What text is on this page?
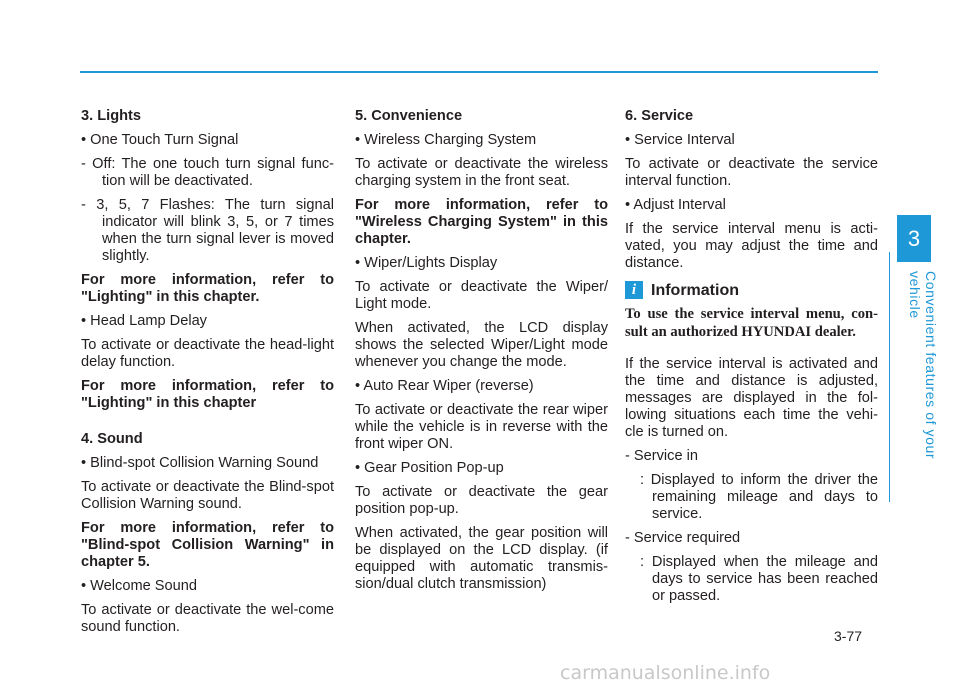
3. Lights

• One Touch Turn Signal

- Off: The one touch turn signal func-tion will be deactivated.

- 3, 5, 7 Flashes: The turn signal indicator will blink 3, 5, or 7 times when the turn signal lever is moved slightly.

For more information, refer to "Lighting" in this chapter.

• Head Lamp Delay

To activate or deactivate the head-light delay function.

For more information, refer to "Lighting" in this chapter

4. Sound

• Blind-spot Collision Warning Sound

To activate or deactivate the Blind-spot Collision Warning sound.

For more information, refer to "Blind-spot Collision Warning" in chapter 5.

• Welcome Sound

To activate or deactivate the wel-come sound function.

5. Convenience

• Wireless Charging System

To activate or deactivate the wireless charging system in the front seat.

For more information, refer to "Wireless Charging System" in this chapter.

• Wiper/Lights Display

To activate or deactivate the Wiper/ Light mode.

When activated, the LCD display shows the selected Wiper/Light mode whenever you change the mode.

• Auto Rear Wiper (reverse)

To activate or deactivate the rear wiper while the vehicle is in reverse with the front wiper ON.

• Gear Position Pop-up

To activate or deactivate the gear position pop-up.

When activated, the gear position will be displayed on the LCD display. (if equipped with automatic transmis-sion/dual clutch transmission)

6. Service

• Service Interval

To activate or deactivate the service interval function.

• Adjust Interval

If the service interval menu is acti-vated, you may adjust the time and distance.

i Information

To use the service interval menu, con-sult an authorized HYUNDAI dealer.

If the service interval is activated and the time and distance is adjusted, messages are displayed in the fol-lowing situations each time the vehi-cle is turned on.

- Service in

: Displayed to inform the driver the remaining mileage and days to service.

- Service required

: Displayed when the mileage and days to service has been reached or passed.

3
Convenient features of your vehicle
3-77
carmanualsonline.info
